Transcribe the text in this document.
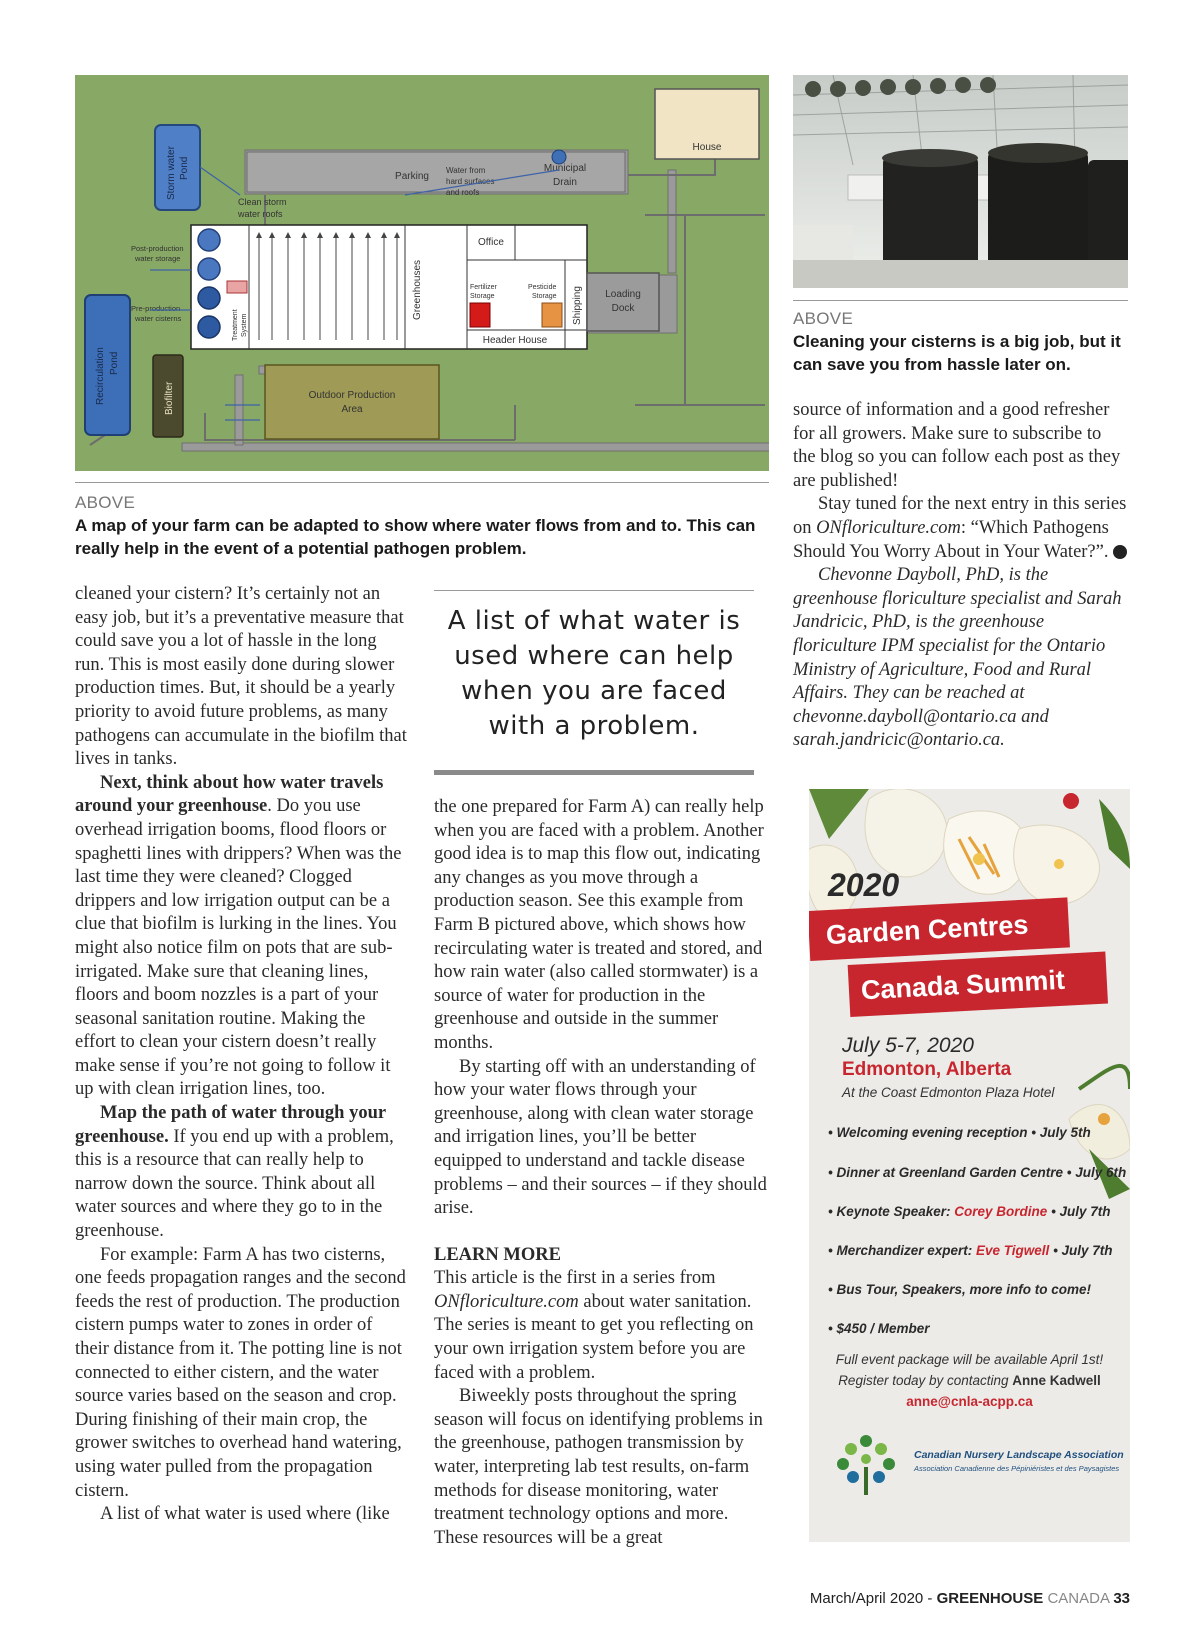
House
Parking
Water from
hard surfaces
and roofs
Municipal
Drain
Storm water Pond
Clean storm
water roofs
Treatment System
Post-production
water storage
Pre-production
water cisterns	Greenhouses
Office
Fertilizer
Storage
Pesticide
Storage
Header House
Shipping Loading
Dock
Recirculation Pond
Biofilter	Outdoor Production
Area
ABOVE
A map of your farm can be adapted to show where water flows from and to. This can really help in the event of a potential pathogen problem.
ABOVE
Cleaning your cisterns is a big job, but it can save you from hassle later on.

cleaned your cistern? It’s certainly not an easy job, but it’s a preventative measure that could save you a lot of hassle in the long run. This is most easily done during slower production times. But, it should be a yearly priority to avoid future problems, as many pathogens can accumulate in the biofilm that lives in tanks.

Next, think about how water travels around your greenhouse. Do you use overhead irrigation booms, flood floors or spaghetti lines with drippers? When was the last time they were cleaned? Clogged drippers and low irrigation output can be a clue that biofilm is lurking in the lines. You might also notice film on pots that are sub-irrigated. Make sure that cleaning lines, floors and boom nozzles is a part of your seasonal sanitation routine. Making the effort to clean your cistern doesn’t really make sense if you’re not going to follow it up with clean irrigation lines, too.

Map the path of water through your greenhouse. If you end up with a problem, this is a resource that can really help to narrow down the source. Think about all water sources and where they go to in the greenhouse.

For example: Farm A has two cisterns, one feeds propagation ranges and the second feeds the rest of production. The production cistern pumps water to zones in order of their distance from it. The potting line is not connected to either cistern, and the water source varies based on the season and crop. During finishing of their main crop, the grower switches to overhead hand watering, using water pulled from the propagation cistern.

A list of what water is used where (like

A list of what water is used where can help when you are faced with a problem.

the one prepared for Farm A) can really help when you are faced with a problem. Another good idea is to map this flow out, indicating any changes as you move through a production season. See this example from Farm B pictured above, which shows how recirculating water is treated and stored, and how rain water (also called stormwater) is a source of water for production in the greenhouse and outside in the summer months.

By starting off with an understanding of how your water flows through your greenhouse, along with clean water storage and irrigation lines, you’ll be better equipped to understand and tackle disease problems – and their sources – if they should arise.

LEARN MORE

This article is the first in a series from ONfloriculture.com about water sanitation. The series is meant to get you reflecting on your own irrigation system before you are faced with a problem.

Biweekly posts throughout the spring season will focus on identifying problems in the greenhouse, pathogen transmission by water, interpreting lab test results, on-farm methods for disease monitoring, water treatment technology options and more. These resources will be a great

source of information and a good refresher for all growers. Make sure to subscribe to the blog so you can follow each post as they are published!

Stay tuned for the next entry in this series on ONfloriculture.com: “Which Pathogens Should You Worry About in Your Water?”.	GC

Chevonne Dayboll, PhD, is the greenhouse floriculture specialist and Sarah Jandricic, PhD, is the greenhouse floriculture IPM specialist for the Ontario Ministry of Agriculture, Food and Rural Affairs. They can be reached at chevonne.dayboll@ontario.ca and sarah.jandricic@ontario.ca.

2020
Garden Centres
Canada Summit
July 5-7, 2020
Edmonton, Alberta
At the Coast Edmonton Plaza Hotel
• Welcoming evening reception • July 5th
• Dinner at Greenland Garden Centre • July 6th
• Keynote Speaker: Corey Bordine • July 7th
• Merchandizer expert: Eve Tigwell • July 7th
• Bus Tour, Speakers, more info to come!
• $450 / Member
Full event package will be available April 1st!
Register today by contacting Anne Kadwell
anne@cnla-acpp.ca
Canadian Nursery Landscape Association
Association Canadienne des Pépiniéristes et des Paysagistes
March/April 2020 - GREENHOUSE CANADA 33
